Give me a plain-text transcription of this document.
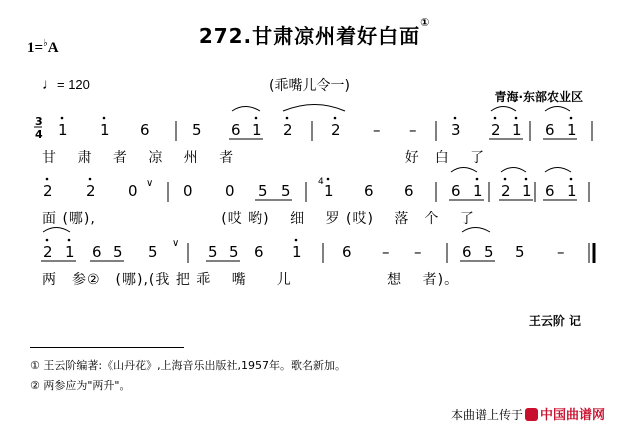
272.甘肃凉州着好白面
①
1=♭A
♩= 120	(乖嘴儿令一)
青海·东部农业区
3
4 1 1 6	5 6 1 2	2 – – 3 2 1 6 1
2 2 0 ∨ 0 0 5 5 1 6 6 6 1 2 1 6 1
4
2 1 6 5 5 ∨ 5 5 6 1	6 – –	6 5 5 –
甘　 肃　 者　 凉　 州　 者　　　　　　　　　　　 好　白　 了
面 (哪),　　　　　　　　 (哎 哟)　 细　 罗 (哎)　 落　个　 了
两　参②　(哪),(我 把 乖　 嘴　　儿　　　　　　 想　 者)。
王云阶 记
① 王云阶编著:《山丹花》,上海音乐出版社,1957年。歌名新加。
② 两参应为"两升"。
本曲谱上传于 中国曲谱网
